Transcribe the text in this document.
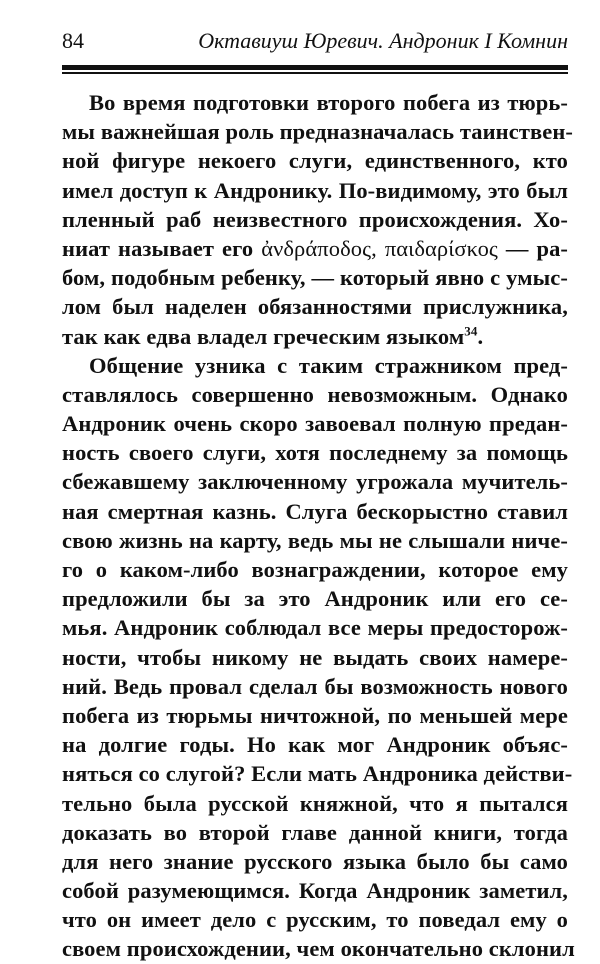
84	Октавиуш Юревич. Андроник I Комнин
Во время подготовки второго побега из тюрь-
мы важнейшая роль предназначалась таинствен-
ной фигуре некоего слуги, единственного, кто
имел доступ к Андронику. По-видимому, это был
пленный раб неизвестного происхождения. Хо-
ниат называет его ἀνδράποδος, παιδαρίσκος — ра-
бом, подобным ребенку, — который явно с умыс-
лом был наделен обязанностями прислужника,
так как едва владел греческим языком$^{34}$.
Общение узника с таким стражником пред-
ставлялось совершенно невозможным. Однако
Андроник очень скоро завоевал полную предан-
ность своего слуги, хотя последнему за помощь
сбежавшему заключенному угрожала мучитель-
ная смертная казнь. Слуга бескорыстно ставил
свою жизнь на карту, ведь мы не слышали ниче-
го о каком-либо вознаграждении, которое ему
предложили бы за это Андроник или его се-
мья. Андроник соблюдал все меры предосторож-
ности, чтобы никому не выдать своих намере-
ний. Ведь провал сделал бы возможность нового
побега из тюрьмы ничтожной, по меньшей мере
на долгие годы. Но как мог Андроник объяс-
няться со слугой? Если мать Андроника действи-
тельно была русской княжной, что я пытался
доказать во второй главе данной книги, тогда
для него знание русского языка было бы само
собой разумеющимся. Когда Андроник заметил,
что он имеет дело с русским, то поведал ему о
своем происхождении, чем окончательно склонил
